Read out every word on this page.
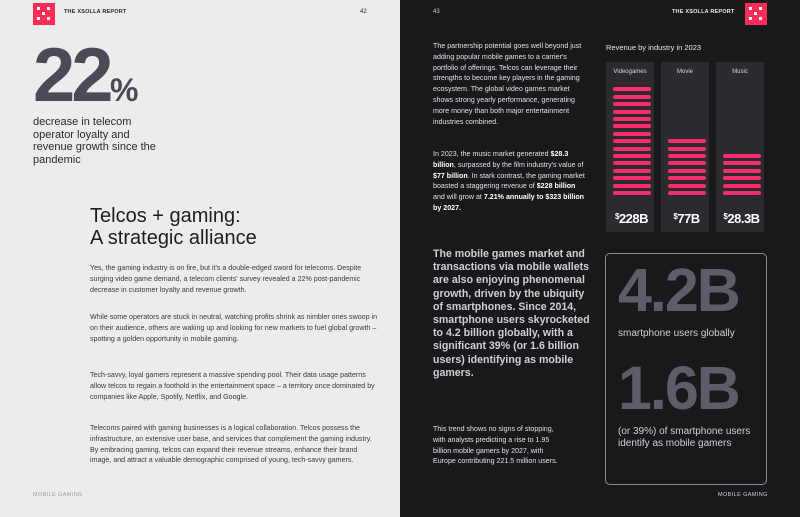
THE XSOLLA REPORT	42
22 %
decrease in telecom operator loyalty and revenue growth since the pandemic
Telcos + gaming:
A strategic alliance

Yes, the gaming industry is on fire, but it's a double-edged sword for telecoms. Despite surging video game demand, a telecom clients' survey revealed a 22% post-pandemic decrease in customer loyalty and revenue growth.

While some operators are stuck in neutral, watching profits shrink as nimbler ones swoop in on their audience, others are waking up and looking for new markets to fuel global growth – spotting a golden opportunity in mobile gaming.

Tech-savvy, loyal gamers represent a massive spending pool. Their data usage patterns allow telcos to regain a foothold in the entertainment space – a territory once dominated by companies like Apple, Spotify, Netflix, and Google.

Telecoms paired with gaming businesses is a logical collaboration. Telcos possess the infrastructure, an extensive user base, and services that complement the gaming industry. By embracing gaming, telcos can expand their revenue streams, enhance their brand image, and attract a valuable demographic comprised of young, tech-savvy gamers.

MOBILE GAMING
43	THE XSOLLA REPORT

The partnership potential goes well beyond just adding popular mobile games to a carrier's portfolio of offerings. Telcos can leverage their strengths to become key players in the gaming ecosystem. The global video games market shows strong yearly performance, generating more money than both major entertainment industries combined.

In 2023, the music market generated $28.3 billion, surpassed by the film industry's value of $77 billion. In stark contrast, the gaming market boasted a staggering revenue of $228 billion and will grow at 7.21% annually to $323 billion by 2027.

Revenue by industry in 2023
Videogames
$228B
Movie
$77B
Music
$28.3B

The mobile games market and transactions via mobile wallets are also enjoying phenomenal growth, driven by the ubiquity of smartphones. Since 2014, smartphone users skyrocketed to 4.2 billion globally, with a significant 39% (or 1.6 billion users) identifying as mobile gamers.

This trend shows no signs of stopping, with analysts predicting a rise to 1.95 billion mobile gamers by 2027, with Europe contributing 221.5 million users.

4.2B
smartphone users globally
1.6B
(or 39%) of smartphone users identify as mobile gamers
MOBILE GAMING
